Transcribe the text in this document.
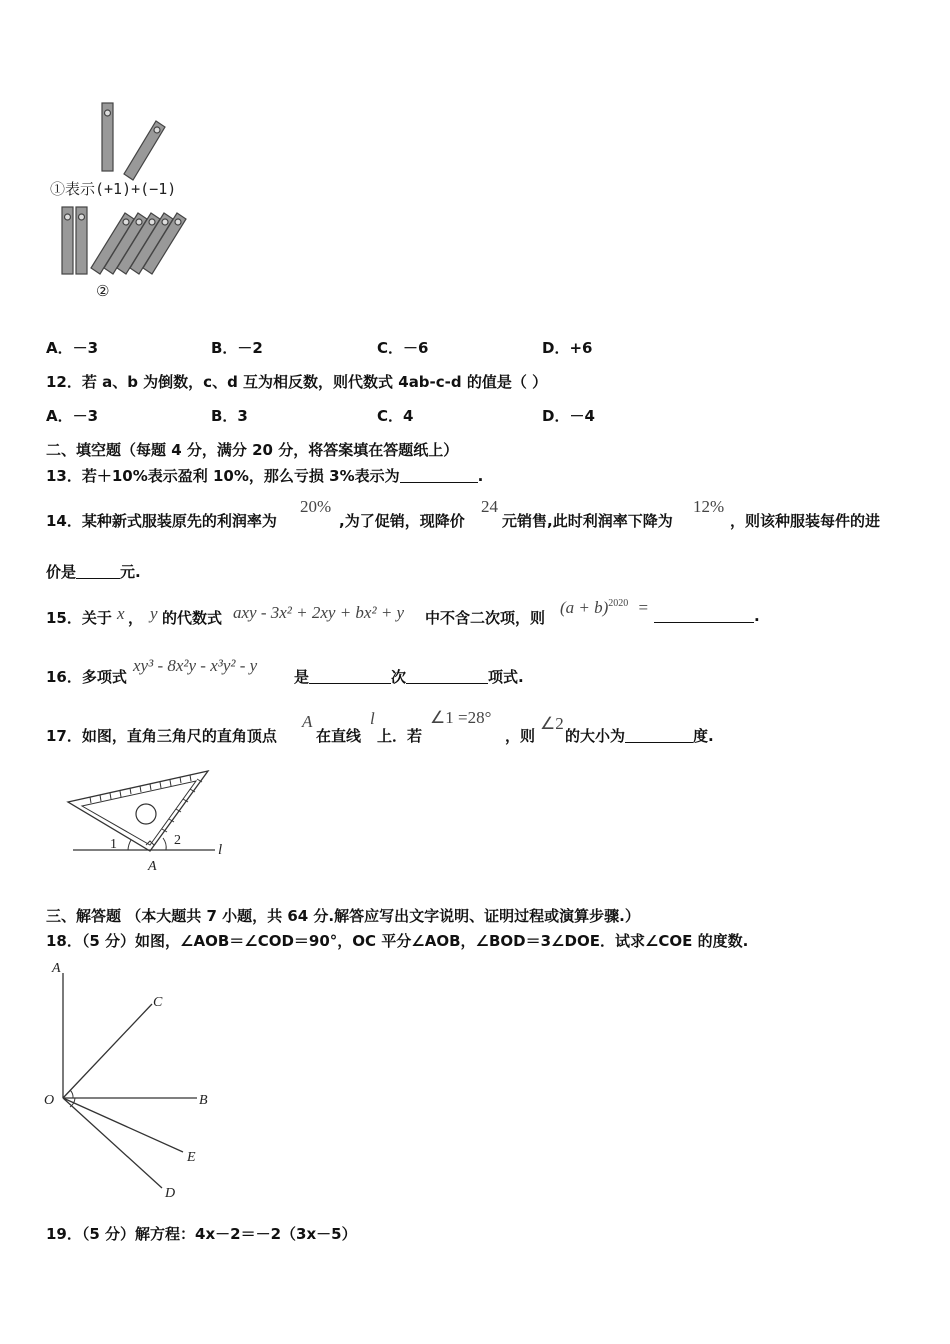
①表示(+1)+(−1)
②
A．－3	B．－2	C．－6	D．+6
12．若 a、b 为倒数，c、d 互为相反数，则代数式 4ab-c-d 的值是（ ）
A．－3	B．3	C．4	D．－4
二、填空题（每题 4 分，满分 20 分，将答案填在答题纸上）
13．若＋10%表示盈利 10%，那么亏损 3%表示为	.
14．某种新式服装原先的利润率为
20%
,为了促销，现降价
24
元销售,此时利润率下降为
12%
，则该种服装每件的进
价是	元.
15．关于 x ， y 的代数式 axy - 3x² + 2xy + bx² + y 中不含二次项，则
$(a + b)^{2020}$ =	.
16．多项式
xy³ - 8x²y - x³y² - y
是	次	项式.
17．如图，直角三角尺的直角顶点
A
在直线
l
上．若
∠1 =28°
，则
∠2
的大小为	度.
1	2
A
l
三、解答题 （本大题共 7 小题，共 64 分.解答应写出文字说明、证明过程或演算步骤.）
18．（5 分）如图，∠AOB＝∠COD＝90°，OC 平分∠AOB，∠BOD＝3∠DOE．试求∠COE 的度数.
A
C
O	B
E
D
19．（5 分）解方程：4x－2＝－2（3x－5）
